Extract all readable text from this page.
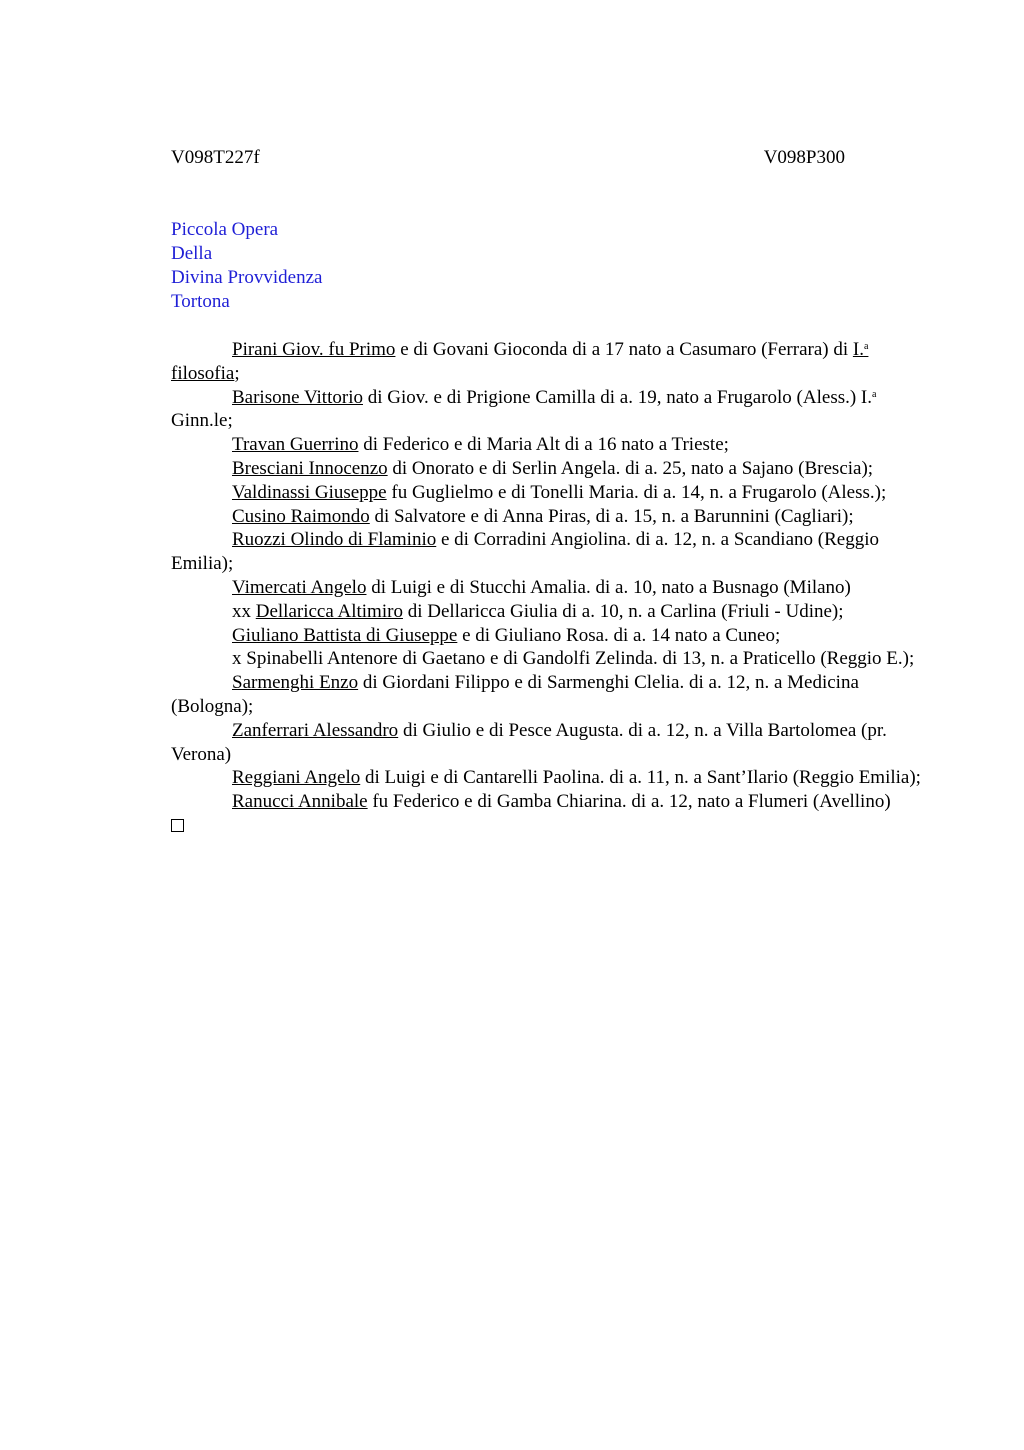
V098T227f	V098P300
Piccola Opera
Della
Divina Provvidenza
Tortona

Pirani Giov. fu Primo e di Govani Gioconda di a 17 nato a Casumaro (Ferrara) di I.$^a$ filosofia;

Barisone Vittorio di Giov. e di Prigione Camilla di a. 19, nato a Frugarolo (Aless.) I.$^a$ Ginn.le;

Travan Guerrino di Federico e di Maria Alt di a 16 nato a Trieste;

Bresciani Innocenzo di Onorato e di Serlin Angela. di a. 25, nato a Sajano (Brescia);

Valdinassi Giuseppe fu Guglielmo e di Tonelli Maria. di a. 14, n. a Frugarolo (Aless.);

Cusino Raimondo di Salvatore e di Anna Piras, di a. 15, n. a Barunnini (Cagliari);

Ruozzi Olindo di Flaminio e di Corradini Angiolina. di a. 12, n. a Scandiano (Reggio Emilia);

Vimercati Angelo di Luigi e di Stucchi Amalia. di a. 10, nato a Busnago (Milano)

xx Dellaricca Altimiro di Dellaricca Giulia di a. 10, n. a Carlina (Friuli - Udine);

Giuliano Battista di Giuseppe e di Giuliano Rosa. di a. 14 nato a Cuneo;

x Spinabelli Antenore di Gaetano e di Gandolfi Zelinda. di 13, n. a Praticello (Reggio E.);

Sarmenghi Enzo di Giordani Filippo e di Sarmenghi Clelia. di a. 12, n. a Medicina (Bologna);

Zanferrari Alessandro di Giulio e di Pesce Augusta. di a. 12, n. a Villa Bartolomea (pr. Verona)

Reggiani Angelo di Luigi e di Cantarelli Paolina. di a. 11, n. a Sant’Ilario (Reggio Emilia);

Ranucci Annibale fu Federico e di Gamba Chiarina. di a. 12, nato a Flumeri (Avellino)
